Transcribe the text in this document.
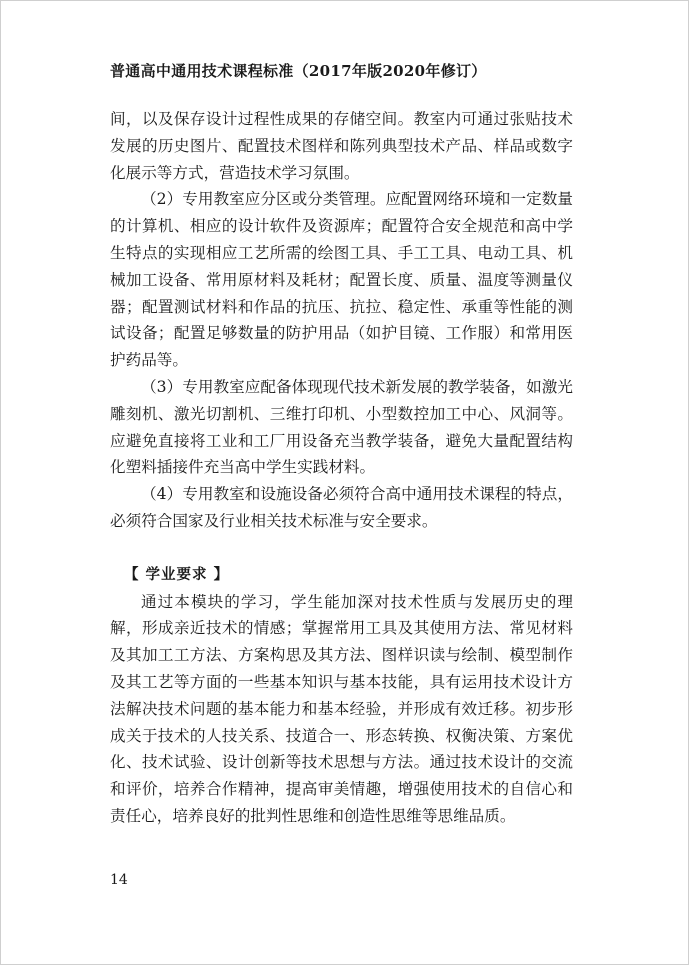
普通高中通用技术课程标准（2017年版2020年修订）

间，以及保存设计过程性成果的存储空间。教室内可通过张贴技术发展的历史图片、配置技术图样和陈列典型技术产品、样品或数字化展示等方式，营造技术学习氛围。

（2）专用教室应分区或分类管理。应配置网络环境和一定数量的计算机、相应的设计软件及资源库；配置符合安全规范和高中学生特点的实现相应工艺所需的绘图工具、手工工具、电动工具、机械加工设备、常用原材料及耗材；配置长度、质量、温度等测量仪器；配置测试材料和作品的抗压、抗拉、稳定性、承重等性能的测试设备；配置足够数量的防护用品（如护目镜、工作服）和常用医护药品等。

（3）专用教室应配备体现现代技术新发展的教学装备，如激光雕刻机、激光切割机、三维打印机、小型数控加工中心、风洞等。应避免直接将工业和工厂用设备充当教学装备，避免大量配置结构化塑料插接件充当高中学生实践材料。

（4）专用教室和设施设备必须符合高中通用技术课程的特点，必须符合国家及行业相关技术标准与安全要求。

【 学业要求 】

通过本模块的学习，学生能加深对技术性质与发展历史的理解，形成亲近技术的情感；掌握常用工具及其使用方法、常见材料及其加工工方法、方案构思及其方法、图样识读与绘制、模型制作及其工艺等方面的一些基本知识与基本技能，具有运用技术设计方法解决技术问题的基本能力和基本经验，并形成有效迁移。初步形成关于技术的人技关系、技道合一、形态转换、权衡决策、方案优化、技术试验、设计创新等技术思想与方法。通过技术设计的交流和评价，培养合作精神，提高审美情趣，增强使用技术的自信心和责任心，培养良好的批判性思维和创造性思维等思维品质。

14
